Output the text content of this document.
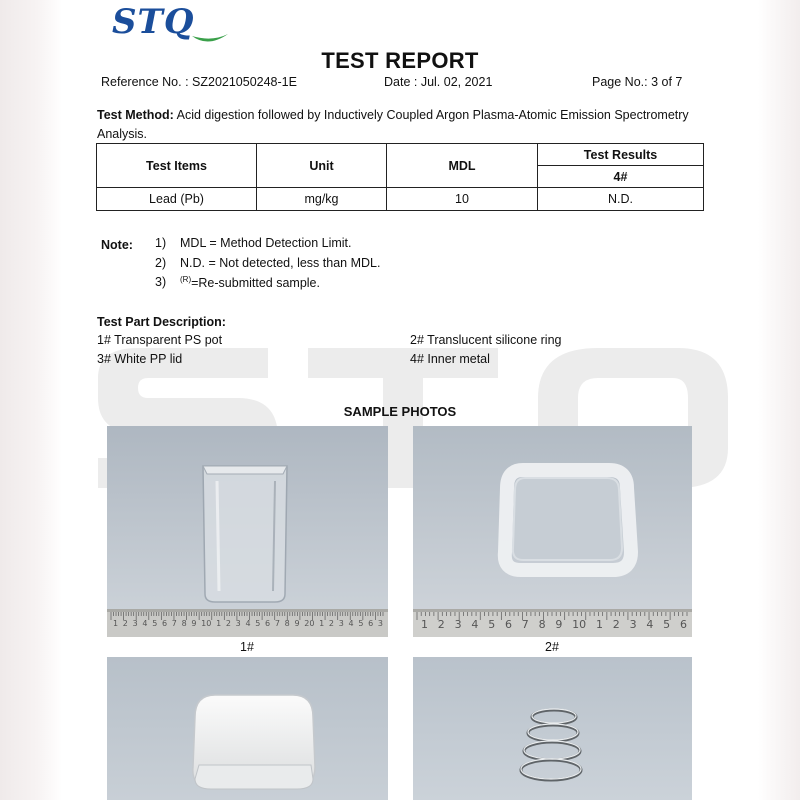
STQ
TEST REPORT
Reference No. : SZ2021050248-1E	Date : Jul. 02, 2021	Page No.: 3 of 7
Test Method: Acid digestion followed by Inductively Coupled Argon Plasma-Atomic Emission Spectrometry Analysis.
Test Items	Unit	MDL	Test Results
			4#
Lead (Pb)	mg/kg	10	N.D.
Note: 1) MDL = Method Detection Limit.
2) N.D. = Not detected, less than MDL.
3) $^{(R)}$=Re-submitted sample.
Test Part Description:
1# Transparent PS pot	2# Translucent silicone ring
3# White PP lid	4# Inner metal
SAMPLE PHOTOS
1 2 3 4 5 6 7 8 9 10 1 2 3 4 5 6 7 8 9 20 1 2 3 4 5 6 3
1#
1 2 3 4 5 6 7 8 9 10 1 2 3 4 5 6
2#
